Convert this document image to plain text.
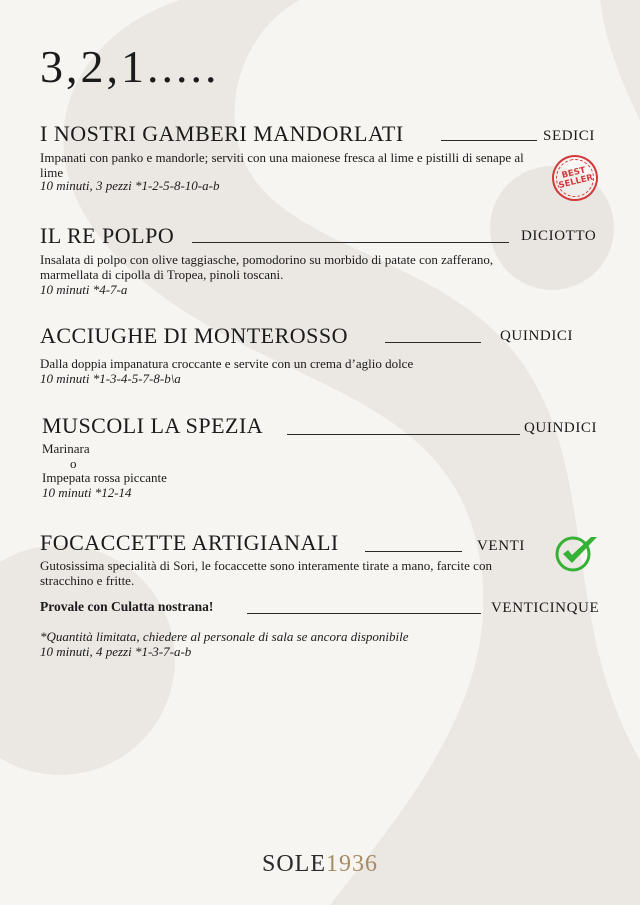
3,2,1.....
I NOSTRI GAMBERI MANDORLATI	SEDICI
Impanati con panko e mandorle; serviti con una maionese fresca al lime e pistilli di senape al lime
10 minuti, 3 pezzi *1-2-5-8-10-a-b
BEST SELLER
IL RE POLPO	DICIOTTO
Insalata di polpo con olive taggiasche, pomodorino su morbido di patate con zafferano, marmellata di cipolla di Tropea, pinoli toscani.
10 minuti *4-7-a
ACCIUGHE DI MONTEROSSO	QUINDICI
Dalla doppia impanatura croccante e servite con un crema d’aglio dolce
10 minuti *1-3-4-5-7-8-b\a
MUSCOLI LA SPEZIA	QUINDICI
Marinara
o
Impepata rossa piccante
10 minuti *12-14
FOCACCETTE ARTIGIANALI	VENTI
Gutosissima specialità di Sori, le focaccette sono interamente tirate a mano, farcite con stracchino e fritte.
Provale con Culatta nostrana!	VENTICINQUE
*Quantità limitata, chiedere al personale di sala se ancora disponibile
10 minuti, 4 pezzi *1-3-7-a-b
SOLE1936
